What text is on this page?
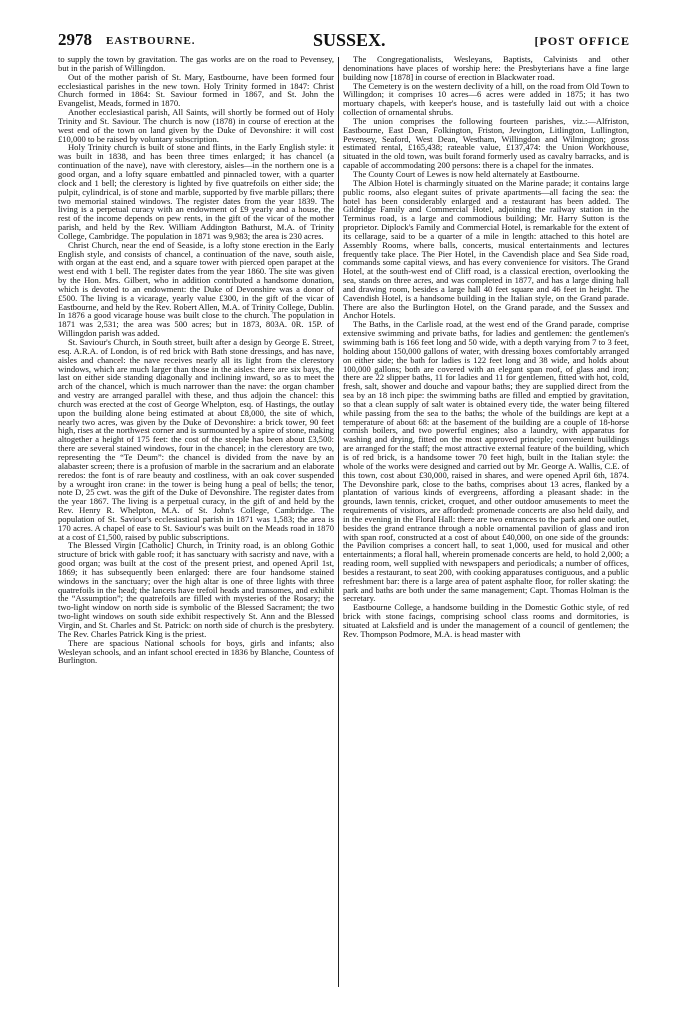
2978 EASTBOURNE.	SUSSEX.	[POST OFFICE

to supply the town by gravitation. The gas works are on the road to Pevensey, but in the parish of Willingdon.

Out of the mother parish of St. Mary, Eastbourne, have been formed four ecclesiastical parishes in the new town. Holy Trinity formed in 1847: Christ Church formed in 1864: St. Saviour formed in 1867, and St. John the Evangelist, Meads, formed in 1870.

Another ecclesiastical parish, All Saints, will shortly be formed out of Holy Trinity and St. Saviour. The church is now (1878) in course of erection at the west end of the town on land given by the Duke of Devonshire: it will cost £10,000 to be raised by voluntary subscription.

Holy Trinity church is built of stone and flints, in the Early English style: it was built in 1838, and has been three times enlarged; it has chancel (a continuation of the nave), nave with clerestory, aisles—in the northern one is a good organ, and a lofty square embattled and pinnacled tower, with a quarter clock and 1 bell; the clerestory is lighted by five quatrefoils on either side; the pulpit, cylindrical, is of stone and marble, supported by five marble pillars; there two memorial stained windows. The register dates from the year 1839. The living is a perpetual curacy with an endowment of £9 yearly and a house, the rest of the income depends on pew rents, in the gift of the vicar of the mother parish, and held by the Rev. William Addington Bathurst, M.A. of Trinity College, Cambridge. The population in 1871 was 9,983; the area is 230 acres.

Christ Church, near the end of Seaside, is a lofty stone erection in the Early English style, and consists of chancel, a continuation of the nave, south aisle, with organ at the east end, and a square tower with pierced open parapet at the west end with 1 bell. The register dates from the year 1860. The site was given by the Hon. Mrs. Gilbert, who in addition contributed a handsome donation, which is devoted to an endowment: the Duke of Devonshire was a donor of £500. The living is a vicarage, yearly value £300, in the gift of the vicar of Eastbourne, and held by the Rev. Robert Allen, M.A. of Trinity College, Dublin. In 1876 a good vicarage house was built close to the church. The population in 1871 was 2,531; the area was 500 acres; but in 1873, 803A. 0R. 15P. of Willingdon parish was added.

St. Saviour's Church, in South street, built after a design by George E. Street, esq. A.R.A. of London, is of red brick with Bath stone dressings, and has nave, aisles and chancel: the nave receives nearly all its light from the clerestory windows, which are much larger than those in the aisles: there are six bays, the last on either side standing diagonally and inclining inward, so as to meet the arch of the chancel, which is much narrower than the nave: the organ chamber and vestry are arranged parallel with these, and thus adjoin the chancel: this church was erected at the cost of George Whelpton, esq. of Hastings, the outlay upon the building alone being estimated at about £8,000, the site of which, nearly two acres, was given by the Duke of Devonshire: a brick tower, 90 feet high, rises at the northwest corner and is surmounted by a spire of stone, making altogether a height of 175 feet: the cost of the steeple has been about £3,500: there are several stained windows, four in the chancel; in the clerestory are two, representing the “Te Deum”: the chancel is divided from the nave by an alabaster screen; there is a profusion of marble in the sacrarium and an elaborate reredos: the font is of rare beauty and costliness, with an oak cover suspended by a wrought iron crane: in the tower is being hung a peal of bells; the tenor, note D, 25 cwt. was the gift of the Duke of Devonshire. The register dates from the year 1867. The living is a perpetual curacy, in the gift of and held by the Rev. Henry R. Whelpton, M.A. of St. John's College, Cambridge. The population of St. Saviour's ecclesiastical parish in 1871 was 1,583; the area is 170 acres. A chapel of ease to St. Saviour's was built on the Meads road in 1870 at a cost of £1,500, raised by public subscriptions.

The Blessed Virgin [Catholic] Church, in Trinity road, is an oblong Gothic structure of brick with gable roof; it has sanctuary with sacristy and nave, with a good organ; was built at the cost of the present priest, and opened April 1st, 1869; it has subsequently been enlarged: there are four handsome stained windows in the sanctuary; over the high altar is one of three lights with three quatrefoils in the head; the lancets have trefoil heads and transomes, and exhibit the “Assumption”; the quatrefoils are filled with mysteries of the Rosary; the two-light window on north side is symbolic of the Blessed Sacrament; the two two-light windows on south side exhibit respectively St. Ann and the Blessed Virgin, and St. Charles and St. Patrick: on north side of church is the presbytery. The Rev. Charles Patrick King is the priest.

There are spacious National schools for boys, girls and infants; also Wesleyan schools, and an infant school erected in 1836 by Blanche, Countess of Burlington.

The Congregationalists, Wesleyans, Baptists, Calvinists and other denominations have places of worship here: the Presbyterians have a fine large building now [1878] in course of erection in Blackwater road.

The Cemetery is on the western declivity of a hill, on the road from Old Town to Willingdon; it comprises 10 acres—6 acres were added in 1875; it has two mortuary chapels, with keeper's house, and is tastefully laid out with a choice collection of ornamental shrubs.

The union comprises the following fourteen parishes, viz.:—Alfriston, Eastbourne, East Dean, Folkington, Friston, Jevington, Litlington, Lullington, Pevensey, Seaford, West Dean, Westham, Willingdon and Wilmington; gross estimated rental, £165,438; rateable value, £137,474: the Union Workhouse, situated in the old town, was built forand formerly used as cavalry barracks, and is capable of accommodating 200 persons: there is a chapel for the inmates.

The County Court of Lewes is now held alternately at Eastbourne.

The Albion Hotel is charmingly situated on the Marine parade; it contains large public rooms, also elegant suites of private apartments—all facing the sea: the hotel has been considerably enlarged and a restaurant has been added. The Gildridge Family and Commercial Hotel, adjoining the railway station in the Terminus road, is a large and commodious building; Mr. Harry Sutton is the proprietor. Diplock's Family and Commercial Hotel, is remarkable for the extent of its cellarage, said to be a quarter of a mile in length: attached to this hotel are Assembly Rooms, where balls, concerts, musical entertainments and lectures frequently take place. The Pier Hotel, in the Cavendish place and Sea Side road, commands some capital views, and has every convenience for visitors. The Grand Hotel, at the south-west end of Cliff road, is a classical erection, overlooking the sea, stands on three acres, and was completed in 1877, and has a large dining hall and drawing room, besides a large hall 40 feet square and 46 feet in height. The Cavendish Hotel, is a handsome building in the Italian style, on the Grand parade. There are also the Burlington Hotel, on the Grand parade, and the Sussex and Anchor Hotels.

The Baths, in the Carlisle road, at the west end of the Grand parade, comprise extensive swimming and private baths, for ladies and gentlemen: the gentlemen's swimming bath is 166 feet long and 50 wide, with a depth varying from 7 to 3 feet, holding about 150,000 gallons of water, with dressing boxes comfortably arranged on either side; the bath for ladies is 122 feet long and 38 wide, and holds about 100,000 gallons; both are covered with an elegant span roof, of glass and iron; there are 22 slipper baths, 11 for ladies and 11 for gentlemen, fitted with hot, cold, fresh, salt, shower and douche and vapour baths; they are supplied direct from the sea by an 18 inch pipe: the swimming baths are filled and emptied by gravitation, so that a clean supply of salt water is obtained every tide, the water being filtered while passing from the sea to the baths; the whole of the buildings are kept at a temperature of about 68: at the basement of the building are a couple of 18-horse cornish boilers, and two powerful engines; also a laundry, with apparatus for washing and drying, fitted on the most approved principle; convenient buildings are arranged for the staff; the most attractive external feature of the building, which is of red brick, is a handsome tower 70 feet high, built in the Italian style: the whole of the works were designed and carried out by Mr. George A. Wallis, C.E. of this town, cost about £30,000, raised in shares, and were opened April 6th, 1874. The Devonshire park, close to the baths, comprises about 13 acres, flanked by a plantation of various kinds of evergreens, affording a pleasant shade: in the grounds, lawn tennis, cricket, croquet, and other outdoor amusements to meet the requirements of visitors, are afforded: promenade concerts are also held daily, and in the evening in the Floral Hall: there are two entrances to the park and one outlet, besides the grand entrance through a noble ornamental pavilion of glass and iron with span roof, constructed at a cost of about £40,000, on one side of the grounds: the Pavilion comprises a concert hall, to seat 1,000, used for musical and other entertainments; a floral hall, wherein promenade concerts are held, to hold 2,000; a reading room, well supplied with newspapers and periodicals; a number of offices, besides a restaurant, to seat 200, with cooking apparatuses contiguous, and a public refreshment bar: there is a large area of patent asphalte floor, for roller skating: the park and baths are both under the same management; Capt. Thomas Holman is the secretary.

Eastbourne College, a handsome building in the Domestic Gothic style, of red brick with stone facings, comprising school class rooms and dormitories, is situated at Laksfield and is under the management of a council of gentlemen; the Rev. Thompson Podmore, M.A. is head master with
